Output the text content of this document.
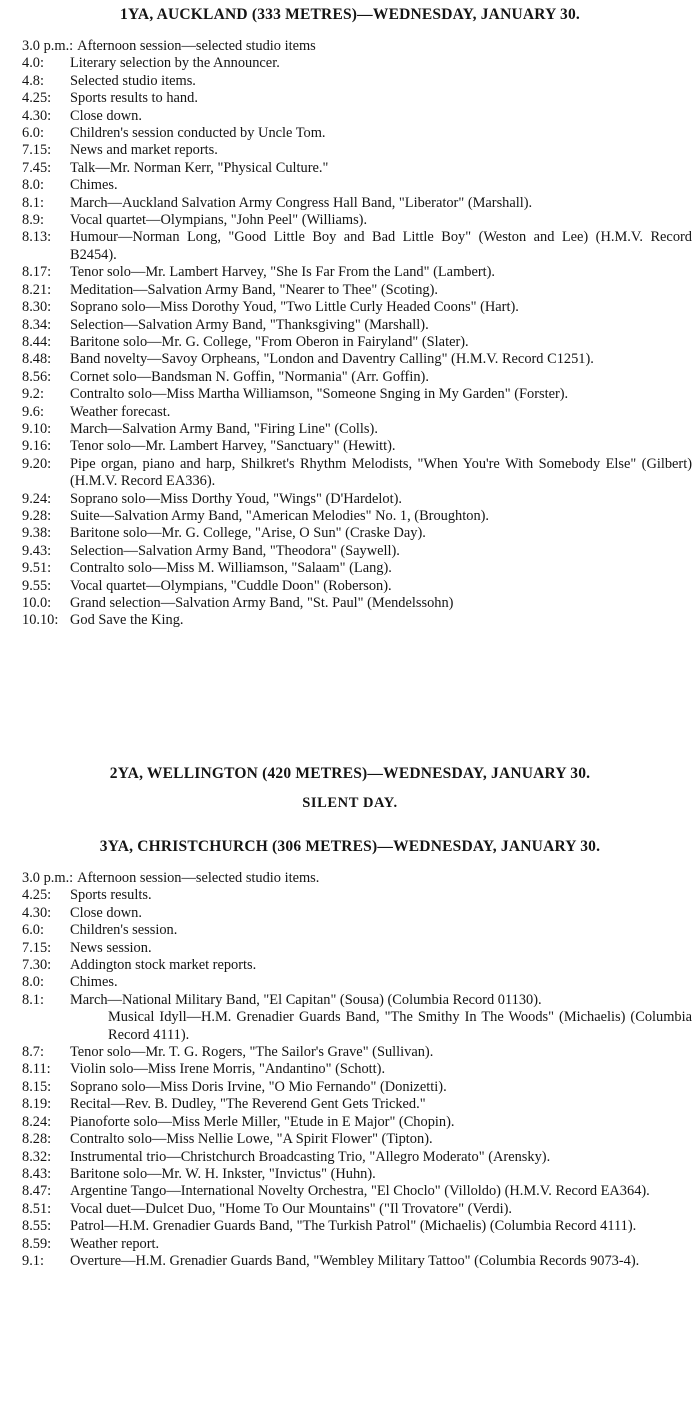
1YA, AUCKLAND (333 METRES)—WEDNESDAY, JANUARY 30.
3.0 p.m.: Afternoon session—selected studio items
4.0:	Literary selection by the Announcer.
4.8:	Selected studio items.
4.25:	Sports results to hand.
4.30:	Close down.
6.0:	Children's session conducted by Uncle Tom.
7.15:	News and market reports.
7.45:	Talk—Mr. Norman Kerr, "Physical Culture."
8.0:	Chimes.
8.1:	March—Auckland Salvation Army Congress Hall Band, "Liberator" (Marshall).
8.9:	Vocal quartet—Olympians, "John Peel" (Williams).
8.13:	Humour—Norman Long, "Good Little Boy and Bad Little Boy" (Weston and Lee) (H.M.V. Record B2454).
8.17:	Tenor solo—Mr. Lambert Harvey, "She Is Far From the Land" (Lambert).
8.21:	Meditation—Salvation Army Band, "Nearer to Thee" (Scoting).
8.30:	Soprano solo—Miss Dorothy Youd, "Two Little Curly Headed Coons" (Hart).
8.34:	Selection—Salvation Army Band, "Thanksgiving" (Marshall).
8.44:	Baritone solo—Mr. G. College, "From Oberon in Fairyland" (Slater).
8.48:	Band novelty—Savoy Orpheans, "London and Daventry Calling" (H.M.V. Record C1251).
8.56:	Cornet solo—Bandsman N. Goffin, "Normania" (Arr. Goffin).
9.2:	Contralto solo—Miss Martha Williamson, "Someone Snging in My Garden" (Forster).
9.6:	Weather forecast.
9.10:	March—Salvation Army Band, "Firing Line" (Colls).
9.16:	Tenor solo—Mr. Lambert Harvey, "Sanctuary" (Hewitt).
9.20:	Pipe organ, piano and harp, Shilkret's Rhythm Melodists, "When You're With Somebody Else" (Gilbert) (H.M.V. Record EA336).
9.24:	Soprano solo—Miss Dorthy Youd, "Wings" (D'Hardelot).
9.28:	Suite—Salvation Army Band, "American Melodies" No. 1, (Broughton).
9.38:	Baritone solo—Mr. G. College, "Arise, O Sun" (Craske Day).
9.43:	Selection—Salvation Army Band, "Theodora" (Saywell).
9.51:	Contralto solo—Miss M. Williamson, "Salaam" (Lang).
9.55:	Vocal quartet—Olympians, "Cuddle Doon" (Roberson).
10.0:	Grand selection—Salvation Army Band, "St. Paul" (Mendelssohn)
10.10: God Save the King.
2YA, WELLINGTON (420 METRES)—WEDNESDAY, JANUARY 30.
SILENT DAY.
3YA, CHRISTCHURCH (306 METRES)—WEDNESDAY, JANUARY 30.
3.0 p.m.: Afternoon session—selected studio items.
4.25:	Sports results.
4.30:	Close down.
6.0:	Children's session.
7.15:	News session.
7.30:	Addington stock market reports.
8.0:	Chimes.
8.1:	March—National Military Band, "El Capitan" (Sousa) (Columbia Record 01130).
Musical Idyll—H.M. Grenadier Guards Band, "The Smithy In The Woods" (Michaelis) (Columbia Record 4111).
8.7:	Tenor solo—Mr. T. G. Rogers, "The Sailor's Grave" (Sullivan).
8.11:	Violin solo—Miss Irene Morris, "Andantino" (Schott).
8.15:	Soprano solo—Miss Doris Irvine, "O Mio Fernando" (Donizetti).
8.19:	Recital—Rev. B. Dudley, "The Reverend Gent Gets Tricked."
8.24:	Pianoforte solo—Miss Merle Miller, "Etude in E Major" (Chopin).
8.28:	Contralto solo—Miss Nellie Lowe, "A Spirit Flower" (Tipton).
8.32:	Instrumental trio—Christchurch Broadcasting Trio, "Allegro Moderato" (Arensky).
8.43:	Baritone solo—Mr. W. H. Inkster, "Invictus" (Huhn).
8.47:	Argentine Tango—International Novelty Orchestra, "El Choclo" (Villoldo) (H.M.V. Record EA364).
8.51:	Vocal duet—Dulcet Duo, "Home To Our Mountains" ("Il Trovatore" (Verdi).
8.55:	Patrol—H.M. Grenadier Guards Band, "The Turkish Patrol" (Michaelis) (Columbia Record 4111).
8.59:	Weather report.
9.1:	Overture—H.M. Grenadier Guards Band, "Wembley Military Tattoo" (Columbia Records 9073-4).
